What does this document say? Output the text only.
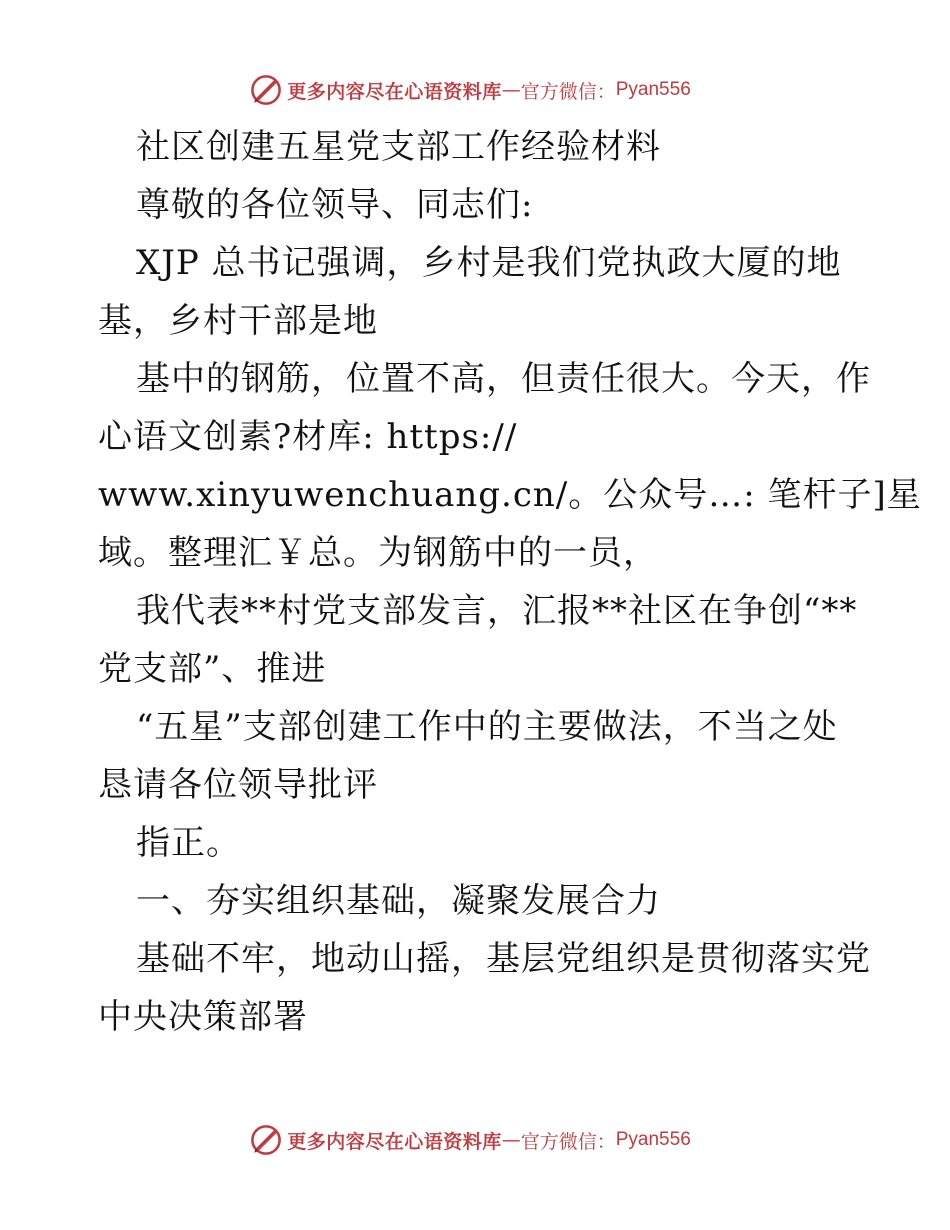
更多内容尽在心语资料库 — 官方微信： Pyan556
社区创建五星党支部工作经验材料
尊敬的各位领导、同志们:
XJP 总书记强调，乡村是我们党执政大厦的地
基，乡村干部是地
基中的钢筋，位置不高，但责任很大。今天，作
心语文创素?材库: https://
www.xinyuwenchuang.cn/。公众号…: 笔杆子]星
域。整理汇￥总。为钢筋中的一员，
我代表**村党支部发言，汇报**社区在争创“**
党支部”、推进
“五星”支部创建工作中的主要做法，不当之处
恳请各位领导批评
指正。
一、夯实组织基础，凝聚发展合力
基础不牢，地动山摇，基层党组织是贯彻落实党
中央决策部署
更多内容尽在心语资料库 — 官方微信： Pyan556
